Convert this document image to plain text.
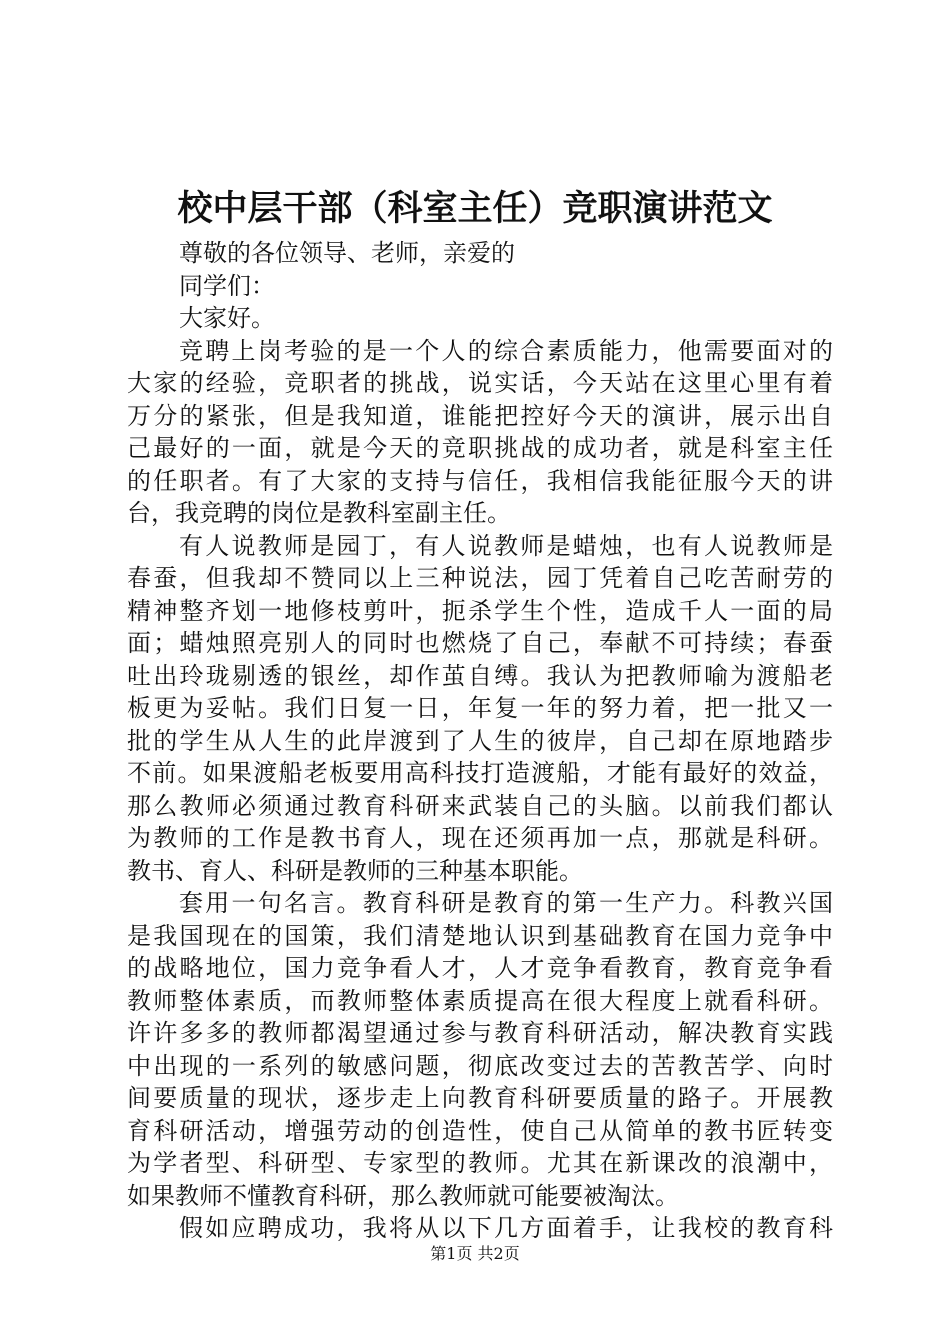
校中层干部（科室主任）竞职演讲范文
尊敬的各位领导、老师，亲爱的
同学们：
大家好。
竞聘上岗考验的是一个人的综合素质能力，他需要面对的
大家的经验，竞职者的挑战，说实话，今天站在这里心里有着
万分的紧张，但是我知道，谁能把控好今天的演讲，展示出自
己最好的一面，就是今天的竞职挑战的成功者，就是科室主任
的任职者。有了大家的支持与信任，我相信我能征服今天的讲
台，我竞聘的岗位是教科室副主任。
有人说教师是园丁，有人说教师是蜡烛，也有人说教师是
春蚕，但我却不赞同以上三种说法，园丁凭着自己吃苦耐劳的
精神整齐划一地修枝剪叶，扼杀学生个性，造成千人一面的局
面；蜡烛照亮别人的同时也燃烧了自己，奉献不可持续；春蚕
吐出玲珑剔透的银丝，却作茧自缚。我认为把教师喻为渡船老
板更为妥帖。我们日复一日，年复一年的努力着，把一批又一
批的学生从人生的此岸渡到了人生的彼岸，自己却在原地踏步
不前。如果渡船老板要用高科技打造渡船，才能有最好的效益，
那么教师必须通过教育科研来武装自己的头脑。以前我们都认
为教师的工作是教书育人，现在还须再加一点，那就是科研。
教书、育人、科研是教师的三种基本职能。
套用一句名言。教育科研是教育的第一生产力。科教兴国
是我国现在的国策，我们清楚地认识到基础教育在国力竞争中
的战略地位，国力竞争看人才，人才竞争看教育，教育竞争看
教师整体素质，而教师整体素质提高在很大程度上就看科研。
许许多多的教师都渴望通过参与教育科研活动，解决教育实践
中出现的一系列的敏感问题，彻底改变过去的苦教苦学、向时
间要质量的现状，逐步走上向教育科研要质量的路子。开展教
育科研活动，增强劳动的创造性，使自己从简单的教书匠转变
为学者型、科研型、专家型的教师。尤其在新课改的浪潮中，
如果教师不懂教育科研，那么教师就可能要被淘汰。
假如应聘成功，我将从以下几方面着手，让我校的教育科
第1页 共2页
